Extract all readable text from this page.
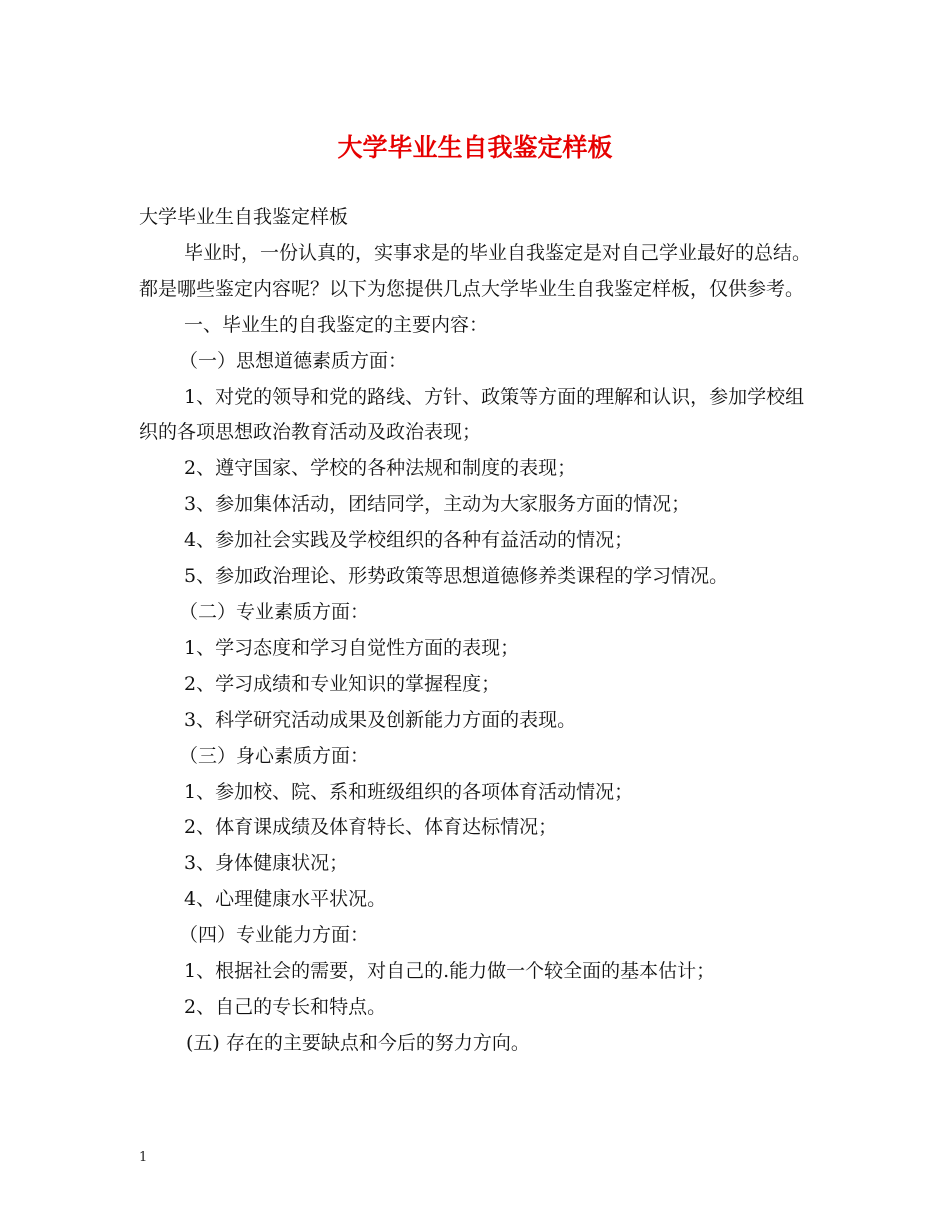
大学毕业生自我鉴定样板

大学毕业生自我鉴定样板

毕业时，一份认真的，实事求是的毕业自我鉴定是对自己学业最好的总结。都是哪些鉴定内容呢？以下为您提供几点大学毕业生自我鉴定样板，仅供参考。

一、毕业生的自我鉴定的主要内容：

（一）思想道德素质方面：

1、对党的领导和党的路线、方针、政策等方面的理解和认识，参加学校组织的各项思想政治教育活动及政治表现；

2、遵守国家、学校的各种法规和制度的表现；

3、参加集体活动，团结同学，主动为大家服务方面的情况；

4、参加社会实践及学校组织的各种有益活动的情况；

5、参加政治理论、形势政策等思想道德修养类课程的学习情况。

（二）专业素质方面：

1、学习态度和学习自觉性方面的表现；

2、学习成绩和专业知识的掌握程度；

3、科学研究活动成果及创新能力方面的表现。

（三）身心素质方面：

1、参加校、院、系和班级组织的各项体育活动情况；

2、体育课成绩及体育特长、体育达标情况；

3、身体健康状况；

4、心理健康水平状况。

（四）专业能力方面：

1、根据社会的需要，对自己的.能力做一个较全面的基本估计；

2、自己的专长和特点。

(五) 存在的主要缺点和今后的努力方向。

1
